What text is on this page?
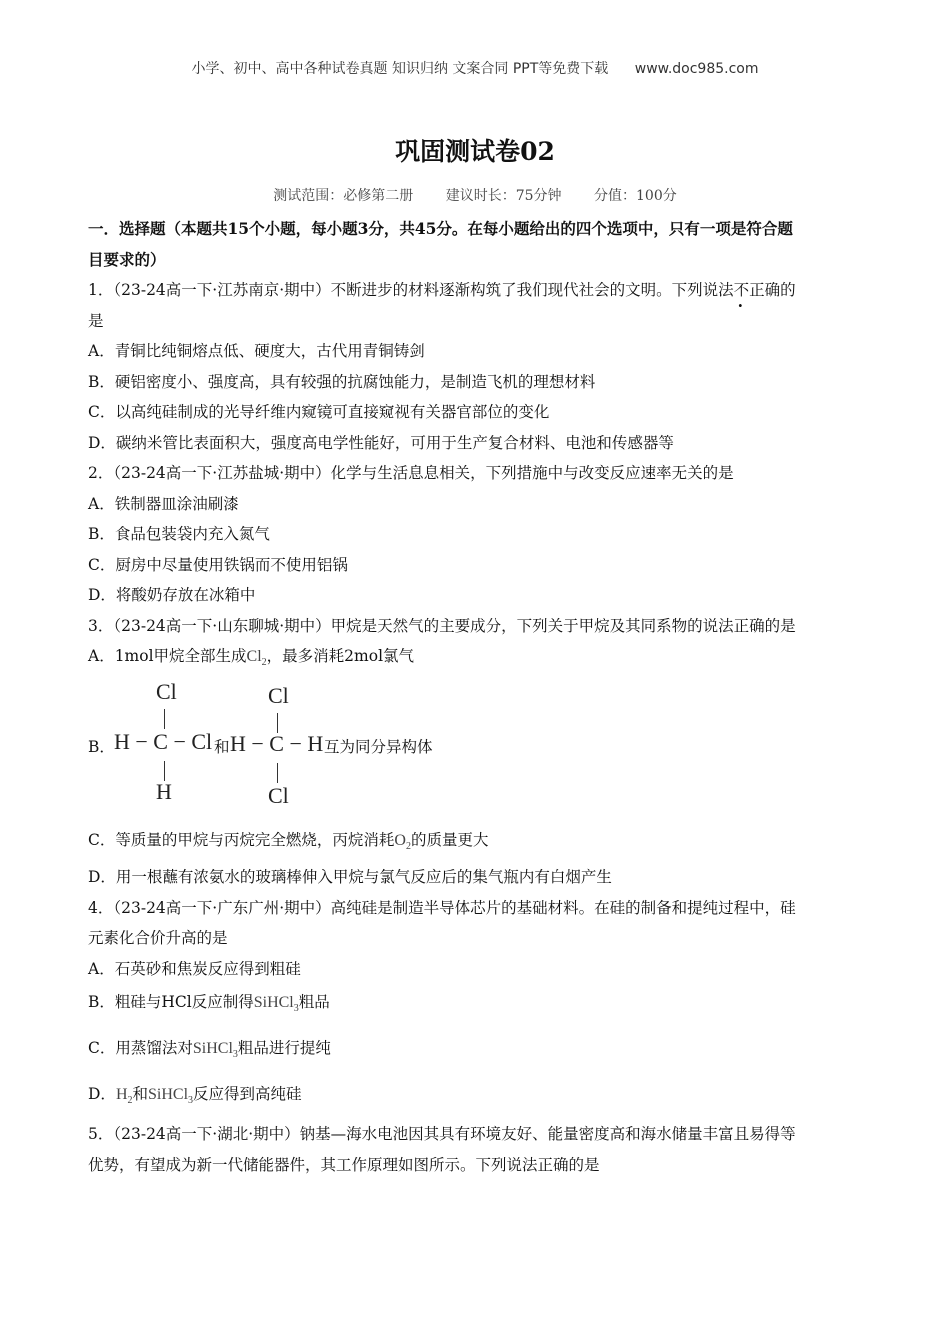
小学、初中、高中各种试卷真题 知识归纳 文案合同 PPT等免费下载 www.doc985.com
巩固测试卷02
测试范围：必修第二册 建议时长：75分钟 分值：100分
一．选择题（本题共15个小题，每小题3分，共45分。在每小题给出的四个选项中，只有一项是符合题
目要求的）
1．（23-24高一下·江苏南京·期中）不断进步的材料逐渐构筑了我们现代社会的文明。下列说法不正确的
是
A．青铜比纯铜熔点低、硬度大，古代用青铜铸剑
B．硬铝密度小、强度高，具有较强的抗腐蚀能力，是制造飞机的理想材料
C．以高纯硅制成的光导纤维内窥镜可直接窥视有关器官部位的变化
D．碳纳米管比表面积大，强度高电学性能好，可用于生产复合材料、电池和传感器等
2．（23-24高一下·江苏盐城·期中）化学与生活息息相关，下列措施中与改变反应速率无关的是
A．铁制器皿涂油刷漆
B．食品包装袋内充入氮气
C．厨房中尽量使用铁锅而不使用铝锅
D．将酸奶存放在冰箱中
3．（23-24高一下·山东聊城·期中）甲烷是天然气的主要成分，下列关于甲烷及其同系物的说法正确的是
A．1mol甲烷全部生成$Cl_2$，最多消耗2mol氯气
B．
Cl
H − C − Cl
H
和
Cl
H − C − H
Cl
互为同分异构体
C．等质量的甲烷与丙烷完全燃烧，丙烷消耗$O_2$的质量更大
D．用一根蘸有浓氨水的玻璃棒伸入甲烷与氯气反应后的集气瓶内有白烟产生
4．（23-24高一下·广东广州·期中）高纯硅是制造半导体芯片的基础材料。在硅的制备和提纯过程中，硅
元素化合价升高的是
A．石英砂和焦炭反应得到粗硅
B．粗硅与HCl反应制得SiHCl$_3$粗品
C．用蒸馏法对SiHCl$_3$粗品进行提纯
D．$H_2$和SiHCl$_3$反应得到高纯硅
5．（23-24高一下·湖北·期中）钠基—海水电池因其具有环境友好、能量密度高和海水储量丰富且易得等
优势，有望成为新一代储能器件，其工作原理如图所示。下列说法正确的是
